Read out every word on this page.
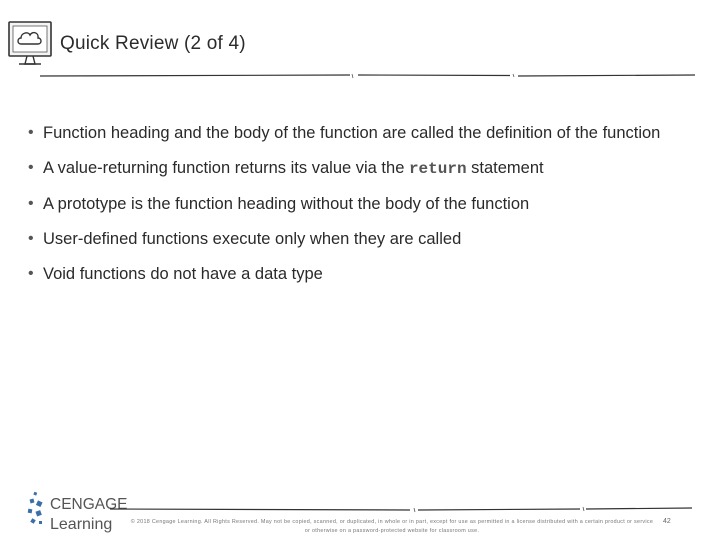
Quick Review (2 of 4)
• Function heading and the body of the function are called the definition of the function
• A value-returning function returns its value via the return statement
• A prototype is the function heading without the body of the function
• User-defined functions execute only when they are called
• Void functions do not have a data type
CENGAGE
Learning	© 2018 Cengage Learning. All Rights Reserved. May not be copied, scanned, or duplicated, in whole or in part, except for use as permitted in a license distributed with a certain product or service
or otherwise on a password-protected website for classroom use.
42
